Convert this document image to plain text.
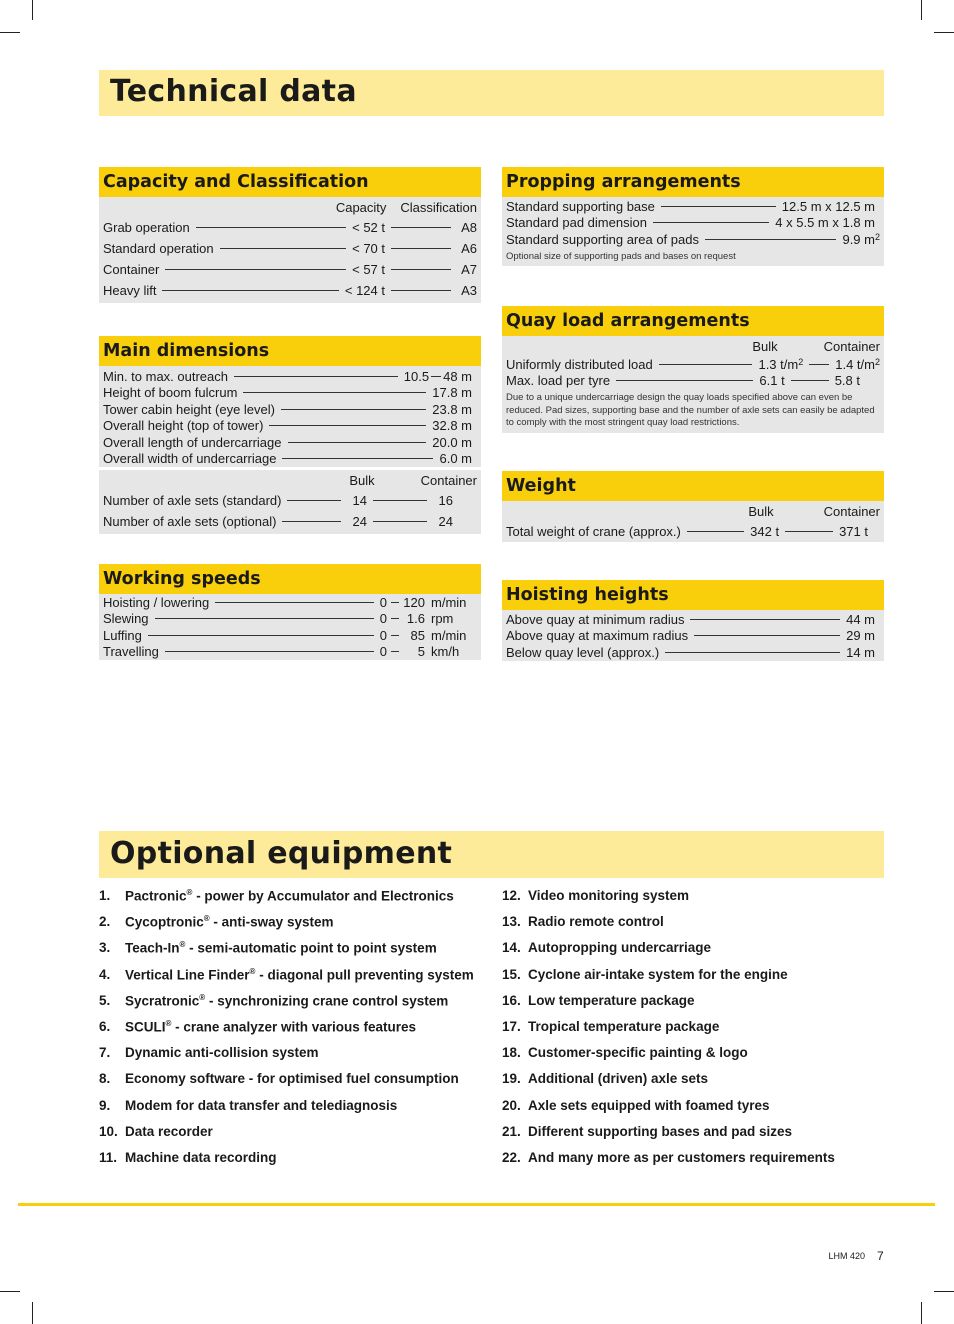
Technical data
Capacity and Classification
Capacity Classification
Grab operation	< 52 t	A8
Standard operation	< 70 t	A6
Container	< 57 t	A7
Heavy lift	< 124 t	A3
Main dimensions
Min. to max. outreach	10.5 48 m
Height of boom fulcrum	17.8 m
Tower cabin height (eye level)	23.8 m
Overall height (top of tower)	32.8 m
Overall length of undercarriage	20.0 m
Overall width of undercarriage	6.0 m
Bulk	Container
Number of axle sets (standard)	14	16
Number of axle sets (optional)	24	24
Working speeds
Hoisting / lowering	0 120 m/min
Slewing	0	1.6 rpm
Luffing	0	85 m/min
Travelling	0	5 km/h
Propping arrangements
Standard supporting base	12.5 m x 12.5 m
Standard pad dimension	4 x 5.5 m x 1.8 m
Standard supporting area of pads	9.9 $m^2$
Optional size of supporting pads and bases on request
Quay load arrangements
Bulk	Container
Uniformly distributed load	1.3 $t/m^2$ 1.4 $t/m^2$
Max. load per tyre	6.1 t	5.8 t
Due to a unique undercarriage design the quay loads specified above can even be reduced. Pad sizes, supporting base and the number of axle sets can easily be adapted to comply with the most stringent quay load restrictions.
Weight
Bulk	Container
Total weight of crane (approx.)	342 t	371 t
Hoisting heights
Above quay at minimum radius	44 m
Above quay at maximum radius	29 m
Below quay level (approx.)	14 m
Optional equipment
1.	Pactronic® - power by Accumulator and Electronics
2.	Cycoptronic® - anti-sway system
3.	Teach-In® - semi-automatic point to point system
4.	Vertical Line Finder® - diagonal pull preventing system
5.	Sycratronic® - synchronizing crane control system
6.	SCULI® - crane analyzer with various features
7.	Dynamic anti-collision system
8.	Economy software - for optimised fuel consumption
9.	Modem for data transfer and telediagnosis
10. Data recorder
11. Machine data recording
12. Video monitoring system
13. Radio remote control
14. Autopropping undercarriage
15. Cyclone air-intake system for the engine
16. Low temperature package
17. Tropical temperature package
18. Customer-specific painting & logo
19. Additional (driven) axle sets
20. Axle sets equipped with foamed tyres
21. Different supporting bases and pad sizes
22. And many more as per customers requirements
LHM 420 7
